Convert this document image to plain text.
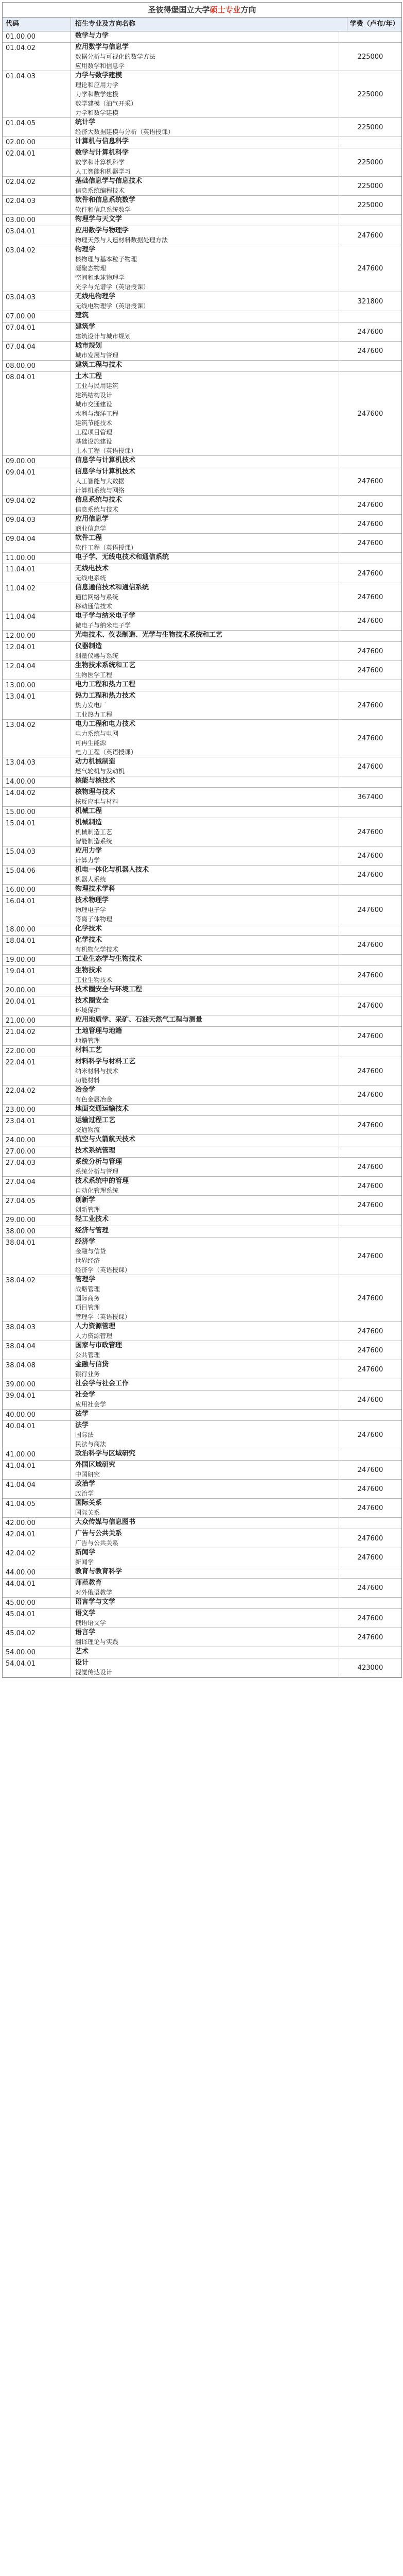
圣彼得堡国立大学硕士专业方向
代码	招生专业及方向名称	学费（卢布/年）
01.00.00	数学与力学
01.04.02	应用数学与信息学
数据分析与可视化的数学方法
应用数学和信息学
225000
01.04.03	力学与数学建模
理论和应用力学
力学和数学建模
数学建模（油气开采）
力学和数学建模
225000
01.04.05	统计学
经济大数据建模与分析（英语授课）
225000
02.00.00	计算机与信息科学
02.04.01	数学与计算机科学
数学和计算机科学
人工智能和机器学习
225000
02.04.02	基础信息学与信息技术
信息系统编程技术
225000
02.04.03	软件和信息系统数学
软件和信息系统数学
225000
03.00.00	物理学与天文学
03.04.01	应用数学与物理学
物理天然与人造材料数据处理方法
247600
03.04.02	物理学
核物理与基本粒子物理
凝聚态物理
空间和地球物理学
光学与光谱学（英语授课）
247600
03.04.03	无线电物理学
无线电物理学（英语授课）
321800
07.00.00	建筑
07.04.01	建筑学
建筑设计与城市规划
247600
07.04.04	城市规划
城市发展与管理
247600
08.00.00	建筑工程与技术
08.04.01	土木工程
工业与民用建筑
建筑结构设计
城市交通建设
水利与海洋工程
建筑节能技术
工程项目管理
基础设施建设
土木工程（英语授课）
247600
09.00.00	信息学与计算机技术
09.04.01	信息学与计算机技术
人工智能与大数据
计算机系统与网络
247600
09.04.02	信息系统与技术
信息系统与技术
247600
09.04.03	应用信息学
商业信息学
247600
09.04.04	软件工程
软件工程（英语授课）
247600
11.00.00	电子学、无线电技术和通信系统
11.04.01	无线电技术
无线电系统
247600
11.04.02	信息通信技术和通信系统
通信网络与系统
移动通信技术
247600
11.04.04	电子学与纳米电子学
微电子与纳米电子学
247600
12.00.00	光电技术、仪表制造、光学与生物技术系统和工艺
12.04.01	仪器制造
测量仪器与系统
247600
12.04.04	生物技术系统和工艺
生物医学工程
247600
13.00.00	电力工程和热力工程
13.04.01	热力工程和热力技术
热力发电厂
工业热力工程
247600
13.04.02	电力工程和电力技术
电力系统与电网
可再生能源
电力工程（英语授课）
247600
13.04.03	动力机械制造
燃气轮机与发动机
247600
14.00.00	核能与核技术
14.04.02	核物理与技术
核反应堆与材料
367400
15.00.00	机械工程
15.04.01	机械制造
机械制造工艺
智能制造系统
247600
15.04.03	应用力学
计算力学
247600
15.04.06	机电一体化与机器人技术
机器人系统
247600
16.00.00	物理技术学科
16.04.01	技术物理学
物理电子学
等离子体物理
247600
18.00.00	化学技术
18.04.01	化学技术
有机物化学技术
247600
19.00.00	工业生态学与生物技术
19.04.01	生物技术
工业生物技术
247600
20.00.00	技术圈安全与环境工程
20.04.01	技术圈安全
环境保护
247600
21.00.00	应用地质学、采矿、石油天然气工程与测量
21.04.02	土地管理与地籍
地籍管理
247600
22.00.00	材料工艺
22.04.01	材料科学与材料工艺
纳米材料与技术
功能材料
247600
22.04.02	冶金学
有色金属冶金
247600
23.00.00	地面交通运输技术
23.04.01	运输过程工艺
交通物流
247600
24.00.00	航空与火箭航天技术
27.00.00	技术系统管理
27.04.03	系统分析与管理
系统分析与管理
247600
27.04.04	技术系统中的管理
自动化管理系统
247600
27.04.05	创新学
创新管理
247600
29.00.00	轻工业技术
38.00.00	经济与管理
38.04.01	经济学
金融与信贷
世界经济
经济学（英语授课）
247600
38.04.02	管理学
战略管理
国际商务
项目管理
管理学（英语授课）
247600
38.04.03	人力资源管理
人力资源管理
247600
38.04.04	国家与市政管理
公共管理
247600
38.04.08	金融与信贷
银行业务
247600
39.00.00	社会学与社会工作
39.04.01	社会学
应用社会学
247600
40.00.00	法学
40.04.01	法学
国际法
民法与商法
247600
41.00.00	政治科学与区域研究
41.04.01	外国区域研究
中国研究
247600
41.04.04	政治学
政治学
247600
41.04.05	国际关系
国际关系
247600
42.00.00	大众传媒与信息图书
42.04.01	广告与公共关系
广告与公共关系
247600
42.04.02	新闻学
新闻学
247600
44.00.00	教育与教育科学
44.04.01	师范教育
对外俄语教学
247600
45.00.00	语言学与文学
45.04.01	语文学
俄语语文学
247600
45.04.02	语言学
翻译理论与实践
247600
54.00.00	艺术
54.04.01	设计
视觉传达设计
423000
